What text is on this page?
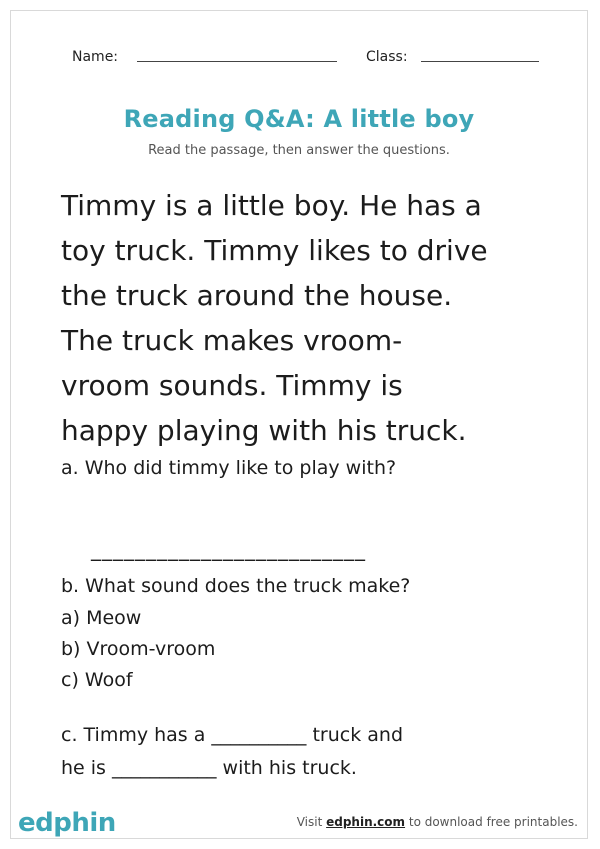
Name:	Class:
Reading Q&A: A little boy
Read the passage, then answer the questions.
Timmy is a little boy. He has a
toy truck. Timmy likes to drive
the truck around the house.
The truck makes vroom-
vroom sounds. Timmy is
happy playing with his truck.
a. Who did timmy like to play with?
_________________________
b. What sound does the truck make?
a) Meow
b) Vroom-vroom
c) Woof
c. Timmy has a __________ truck and
he is ___________ with his truck.
edphin	Visit edphin.com to download free printables.
